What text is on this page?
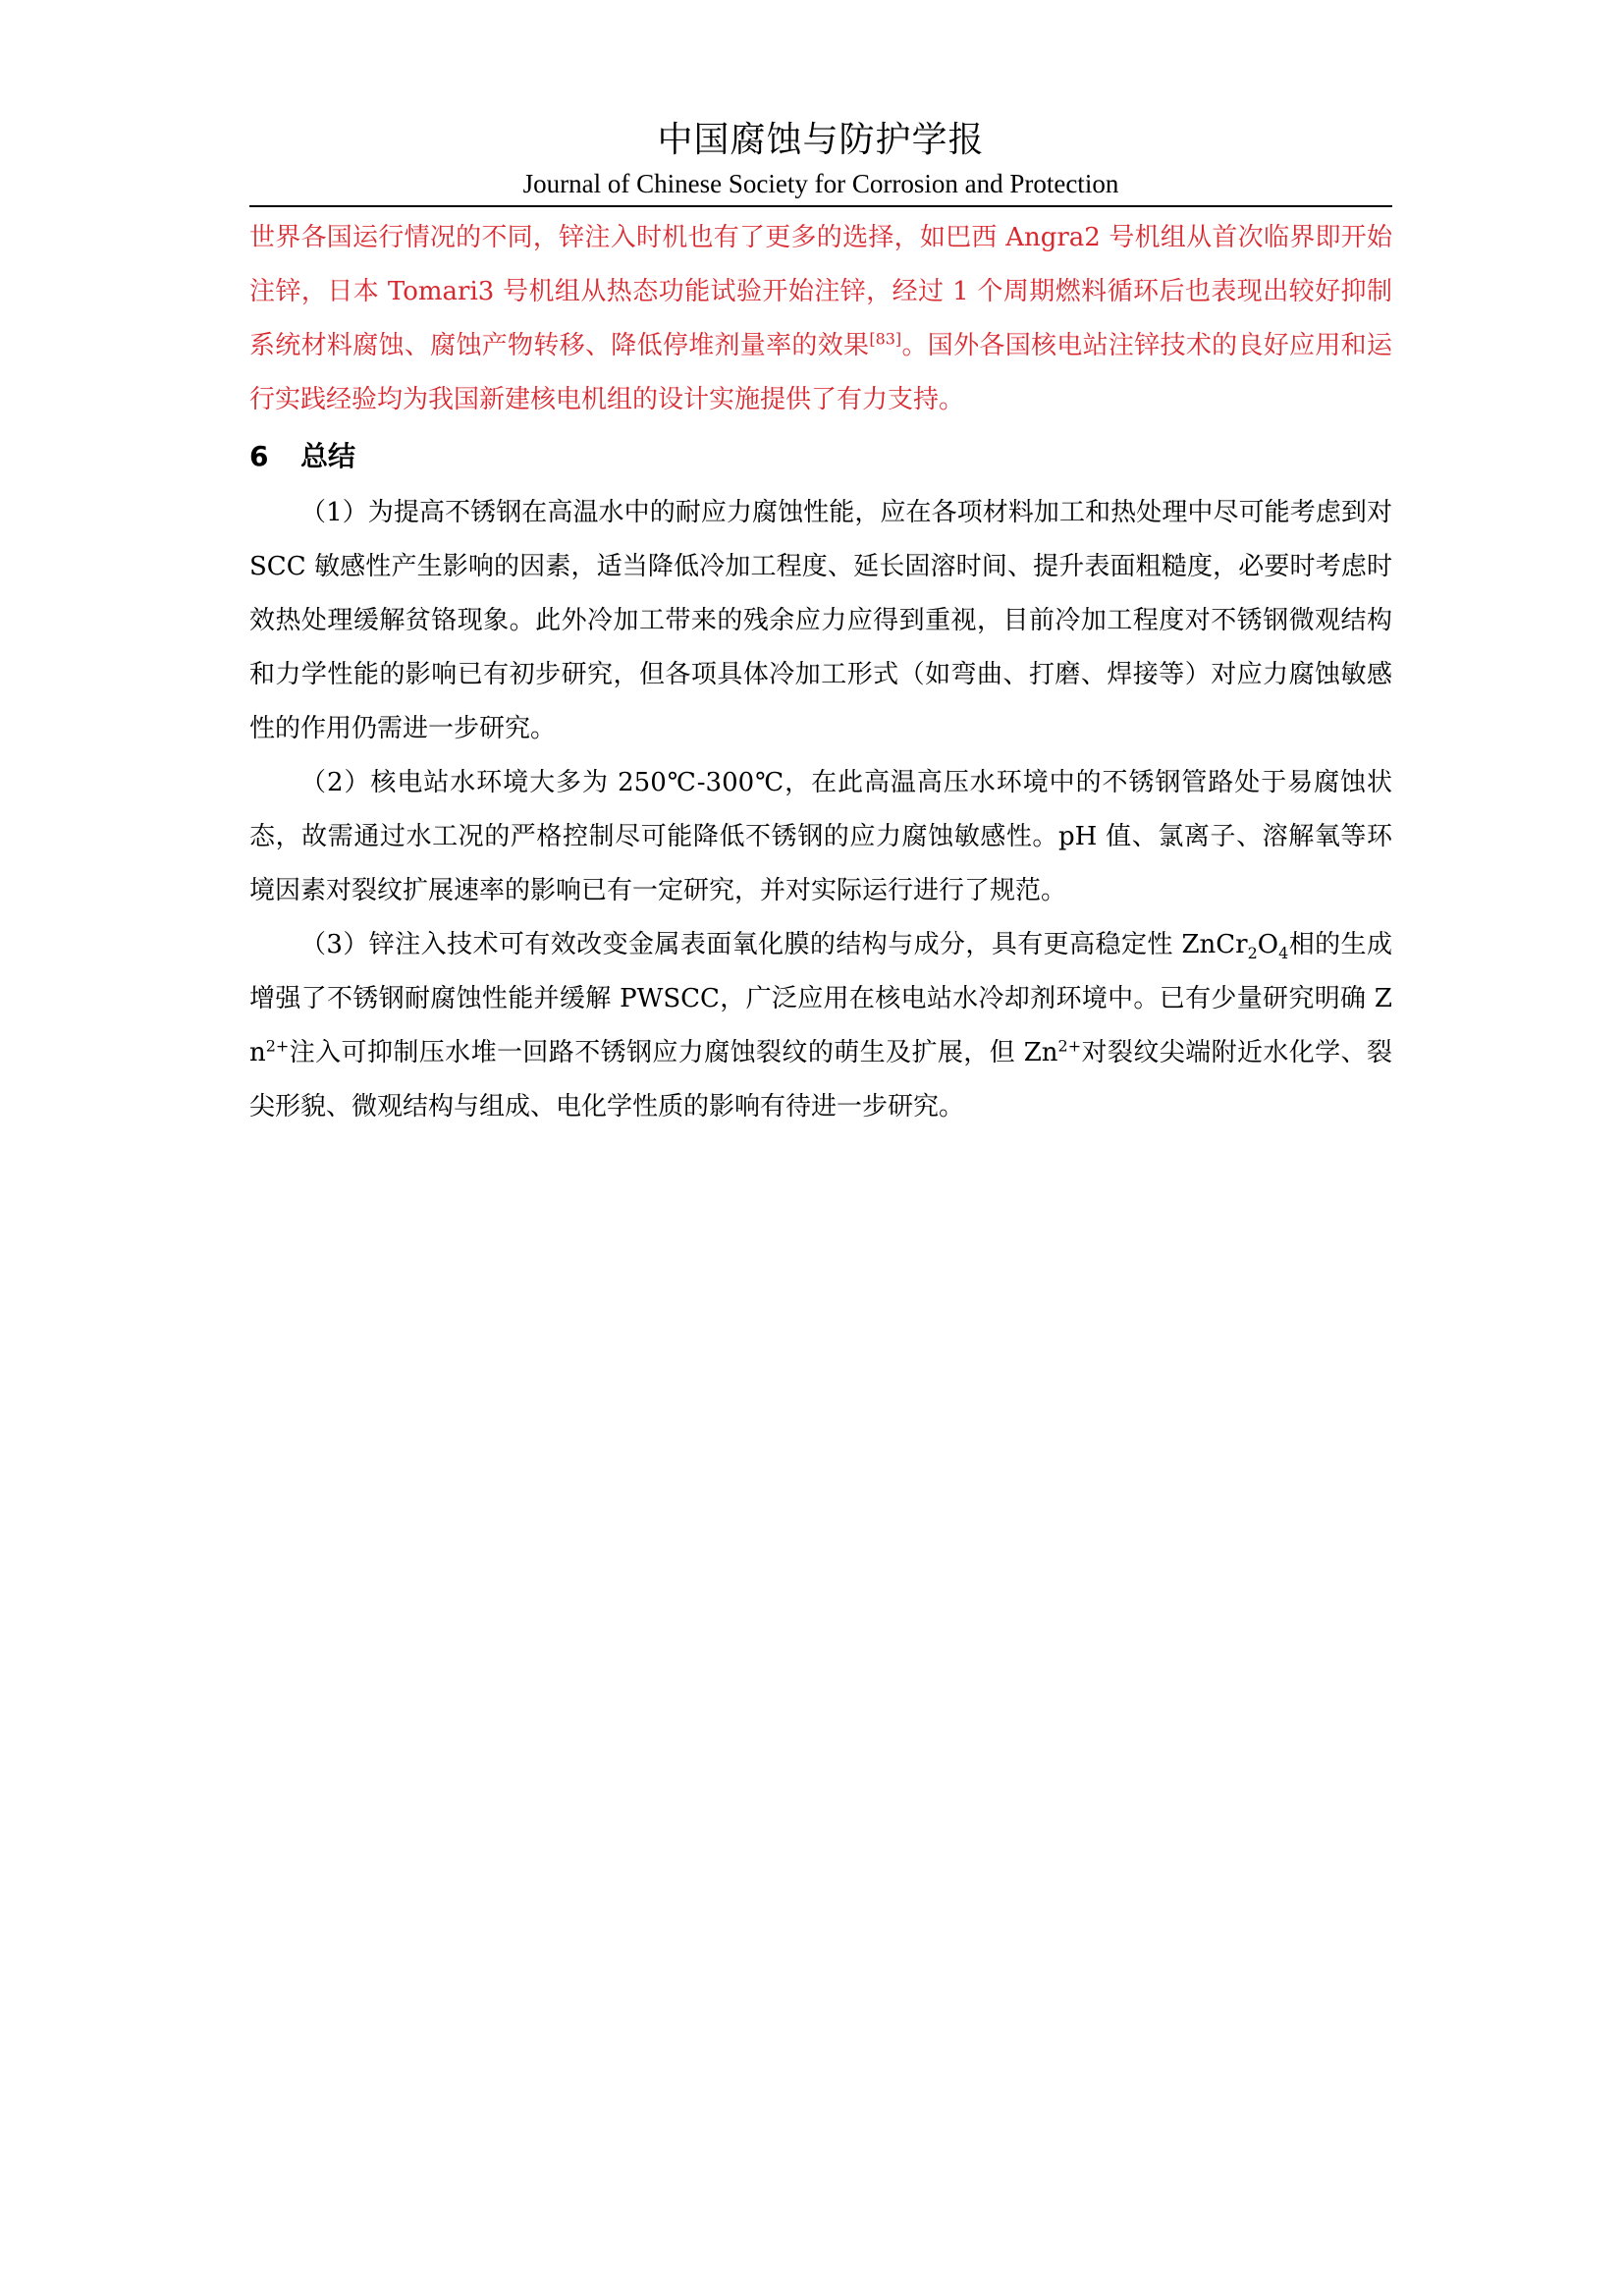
中国腐蚀与防护学报
Journal of Chinese Society for Corrosion and Protection

世界各国运行情况的不同，锌注入时机也有了更多的选择，如巴西 Angra2 号机组从首次临界即开始注锌，日本 Tomari3 号机组从热态功能试验开始注锌，经过 1 个周期燃料循环后也表现出较好抑制系统材料腐蚀、腐蚀产物转移、降低停堆剂量率的效果[83]。国外各国核电站注锌技术的良好应用和运行实践经验均为我国新建核电机组的设计实施提供了有力支持。

6 总结

（1）为提高不锈钢在高温水中的耐应力腐蚀性能，应在各项材料加工和热处理中尽可能考虑到对 SCC 敏感性产生影响的因素，适当降低冷加工程度、延长固溶时间、提升表面粗糙度，必要时考虑时效热处理缓解贫铬现象。此外冷加工带来的残余应力应得到重视，目前冷加工程度对不锈钢微观结构和力学性能的影响已有初步研究，但各项具体冷加工形式（如弯曲、打磨、焊接等）对应力腐蚀敏感性的作用仍需进一步研究。

（2）核电站水环境大多为 250℃-300℃，在此高温高压水环境中的不锈钢管路处于易腐蚀状态，故需通过水工况的严格控制尽可能降低不锈钢的应力腐蚀敏感性。pH 值、氯离子、溶解氧等环境因素对裂纹扩展速率的影响已有一定研究，并对实际运行进行了规范。

（3）锌注入技术可有效改变金属表面氧化膜的结构与成分，具有更高稳定性 $ZnCr_2O_4$相的生成增强了不锈钢耐腐蚀性能并缓解 PWSCC，广泛应用在核电站水冷却剂环境中。已有少量研究明确 $Zn^{2+}$注入可抑制压水堆一回路不锈钢应力腐蚀裂纹的萌生及扩展，但 $Zn^{2+}$对裂纹尖端附近水化学、裂尖形貌、微观结构与组成、电化学性质的影响有待进一步研究。
